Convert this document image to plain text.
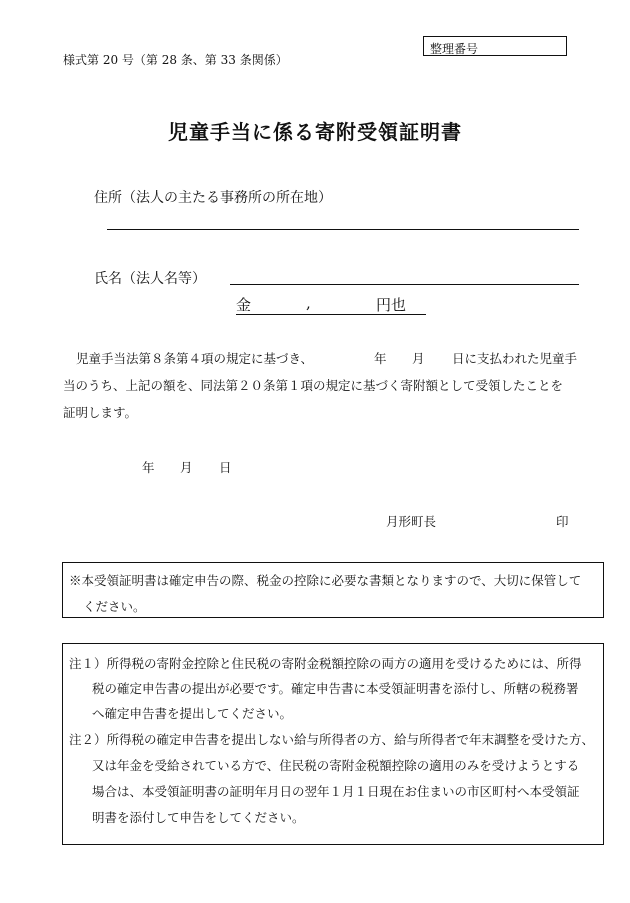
様式第 20 号（第 28 条、第 33 条関係）
整理番号
児童手当に係る寄附受領証明書
住所（法人の主たる事務所の所在地）
氏名（法人名等）
金	,	円也
児童手当法第８条第４項の規定に基づき、	年 月 日に支払われた児童手
当のうち、上記の額を、同法第２０条第１項の規定に基づく寄附額として受領したことを
証明します。
年 月 日
月形町長	印
※本受領証明書は確定申告の際、税金の控除に必要な書類となりますので、大切に保管して
ください。
注１）所得税の寄附金控除と住民税の寄附金税額控除の両方の適用を受けるためには、所得
税の確定申告書の提出が必要です。確定申告書に本受領証明書を添付し、所轄の税務署
へ確定申告書を提出してください。
注２）所得税の確定申告書を提出しない給与所得者の方、給与所得者で年末調整を受けた方、
又は年金を受給されている方で、住民税の寄附金税額控除の適用のみを受けようとする
場合は、本受領証明書の証明年月日の翌年１月１日現在お住まいの市区町村へ本受領証
明書を添付して申告をしてください。
